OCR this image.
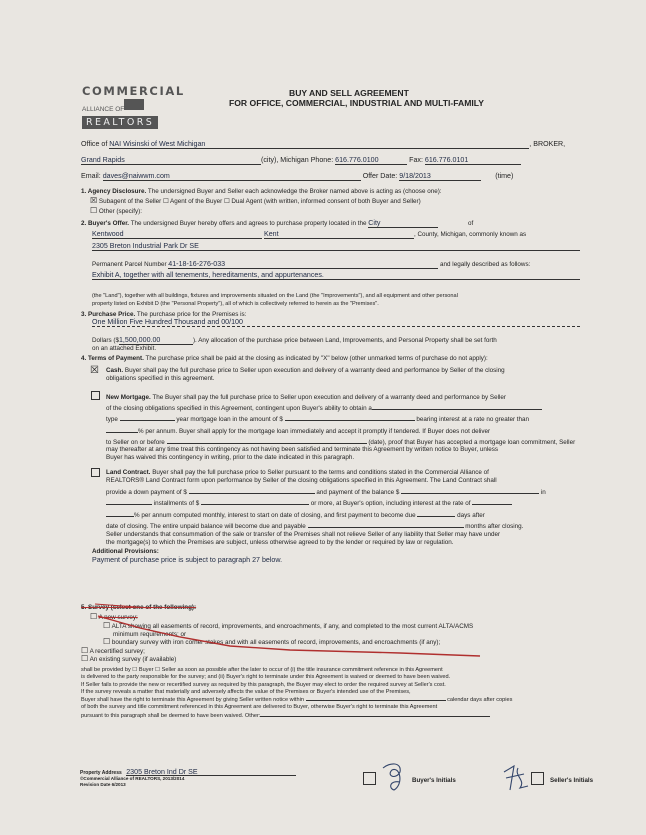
COMMERCIAL
ALLIANCE OF
REALTORS
BUY AND SELL AGREEMENT
FOR OFFICE, COMMERCIAL, INDUSTRIAL AND MULTI-FAMILY
Office of NAI Wisinski of West Michigan	, BROKER,
Grand Rapids	(city), Michigan Phone: 616.776.0100	Fax: 616.776.0101
Email: daves@naiwwm.com	Offer Date: 9/18/2013	(time)
1. Agency Disclosure. The undersigned Buyer and Seller each acknowledge the Broker named above is acting as (choose one):
☒ Subagent of the Seller ☐ Agent of the Buyer ☐ Dual Agent (with written, informed consent of both Buyer and Seller)
☐ Other (specify):
2. Buyer's Offer. The undersigned Buyer hereby offers and agrees to purchase property located in the City	of
Kentwood	Kent	, County, Michigan, commonly known as
2305 Breton Industrial Park Dr SE
Permanent Parcel Number 41-18-16-276-033	and legally described as follows:
Exhibit A, together with all tenements, hereditaments, and appurtenances.
(the "Land"), together with all buildings, fixtures and improvements situated on the Land (the "Improvements"), and all equipment and other personal
property listed on Exhibit D (the "Personal Property"), all of which is collectively referred to herein as the "Premises".
3. Purchase Price. The purchase price for the Premises is:
One Million Five Hundred Thousand and 00/100
Dollars ($1,500,000.00	). Any allocation of the purchase price between Land, Improvements, and Personal Property shall be set forth
on an attached Exhibit.
4. Terms of Payment. The purchase price shall be paid at the closing as indicated by "X" below (other unmarked terms of purchase do not apply):
☒ Cash. Buyer shall pay the full purchase price to Seller upon execution and delivery of a warranty deed and performance by Seller of the closing
obligations specified in this agreement.
New Mortgage. The Buyer shall pay the full purchase price to Seller upon execution and delivery of a warranty deed and performance by Seller
of the closing obligations specified in this Agreement, contingent upon Buyer's ability to obtain a
type	year mortgage loan in the amount of $	bearing interest at a rate no greater than
% per annum. Buyer shall apply for the mortgage loan immediately and accept it promptly if tendered. If Buyer does not deliver
to Seller on or before	(date), proof that Buyer has accepted a mortgage loan commitment, Seller
may thereafter at any time treat this contingency as not having been satisfied and terminate this Agreement by written notice to Buyer, unless
Buyer has waived this contingency in writing, prior to the date indicated in this paragraph.
Land Contract. Buyer shall pay the full purchase price to Seller pursuant to the terms and conditions stated in the Commercial Alliance of
REALTORS® Land Contract form upon performance by Seller of the closing obligations specified in this Agreement. The Land Contract shall
provide a down payment of $	and payment of the balance $	in
installments of $	or more, at Buyer's option, including interest at the rate of
% per annum computed monthly, interest to start on date of closing, and first payment to become due	days after
date of closing. The entire unpaid balance will become due and payable	months after closing.
Seller understands that consummation of the sale or transfer of the Premises shall not relieve Seller of any liability that Seller may have under
the mortgage(s) to which the Premises are subject, unless otherwise agreed to by the lender or required by law or regulation.
Additional Provisions:
Payment of purchase price is subject to paragraph 27 below.
5. Survey (select one of the following):
☐ A new survey:
☐ ALTA showing all easements of record, improvements, and encroachments, if any, and completed to the most current ALTA/ACMS
minimum requirements; or
☐ boundary survey with iron corner stakes and with all easements of record, improvements, and encroachments (if any);
☐ A recertified survey;
☐ An existing survey (if available)
shall be provided by ☐ Buyer ☐ Seller as soon as possible after the later to occur of (i) the title insurance commitment reference in this Agreement
is delivered to the party responsible for the survey; and (ii) Buyer's right to terminate under this Agreement is waived or deemed to have been waived.
If Seller fails to provide the new or recertified survey as required by this paragraph, the Buyer may elect to order the required survey at Seller's cost.
If the survey reveals a matter that materially and adversely affects the value of the Premises or Buyer's intended use of the Premises,
Buyer shall have the right to terminate this Agreement by giving Seller written notice within	calendar days after copies
of both the survey and title commitment referenced in this Agreement are delivered to Buyer, otherwise Buyer's right to terminate this Agreement
pursuant to this paragraph shall be deemed to have been waived. Other:
Property Address 2305 Breton Ind Dr SE
©Commercial Alliance of REALTORS, 2013/2014
Revision Date 6/2013
Buyer's Initials	Seller's Initials
